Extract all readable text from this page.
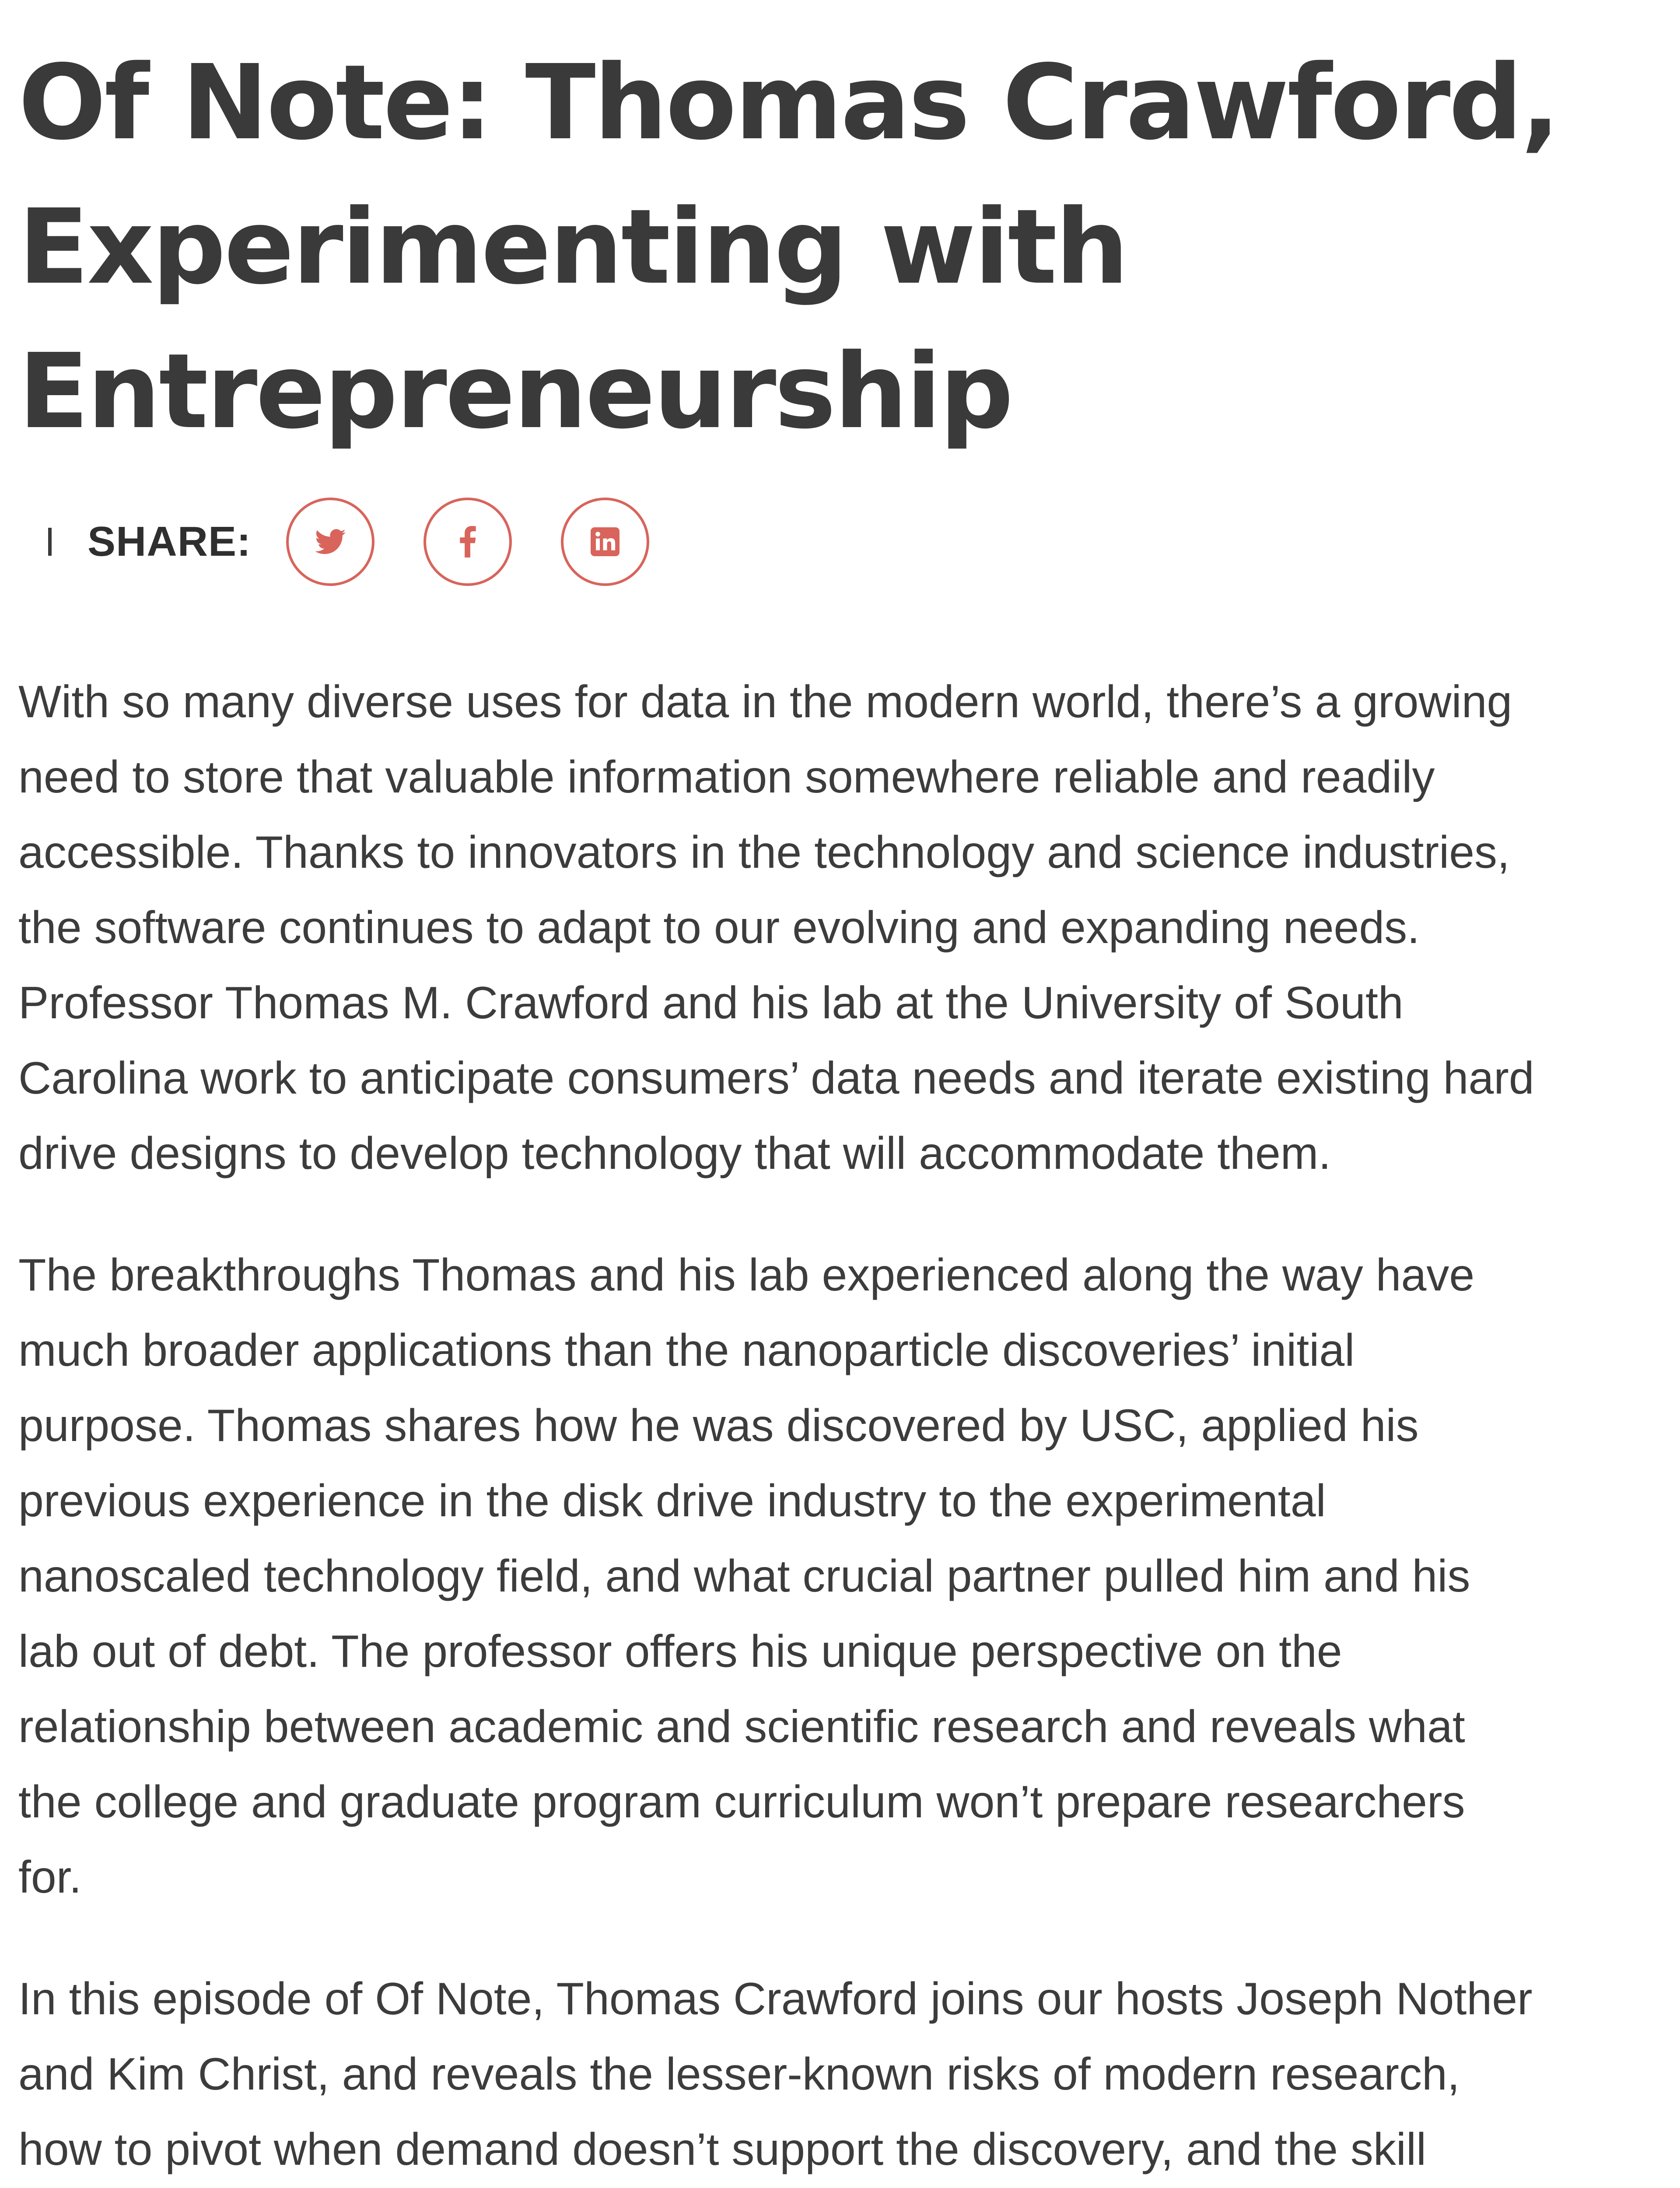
Of Note: Thomas Crawford,
Experimenting with
Entrepreneurship
SHARE:

With so many diverse uses for data in the modern world, there’s a growing
need to store that valuable information somewhere reliable and readily
accessible. Thanks to innovators in the technology and science industries,
the software continues to adapt to our evolving and expanding needs.
Professor Thomas M. Crawford and his lab at the University of South
Carolina work to anticipate consumers’ data needs and iterate existing hard
drive designs to develop technology that will accommodate them.

The breakthroughs Thomas and his lab experienced along the way have
much broader applications than the nanoparticle discoveries’ initial
purpose. Thomas shares how he was discovered by USC, applied his
previous experience in the disk drive industry to the experimental
nanoscaled technology field, and what crucial partner pulled him and his
lab out of debt. The professor offers his unique perspective on the
relationship between academic and scientific research and reveals what
the college and graduate program curriculum won’t prepare researchers
for.

In this episode of Of Note, Thomas Crawford joins our hosts Joseph Nother
and Kim Christ, and reveals the lesser-known risks of modern research,
how to pivot when demand doesn’t support the discovery, and the skill
